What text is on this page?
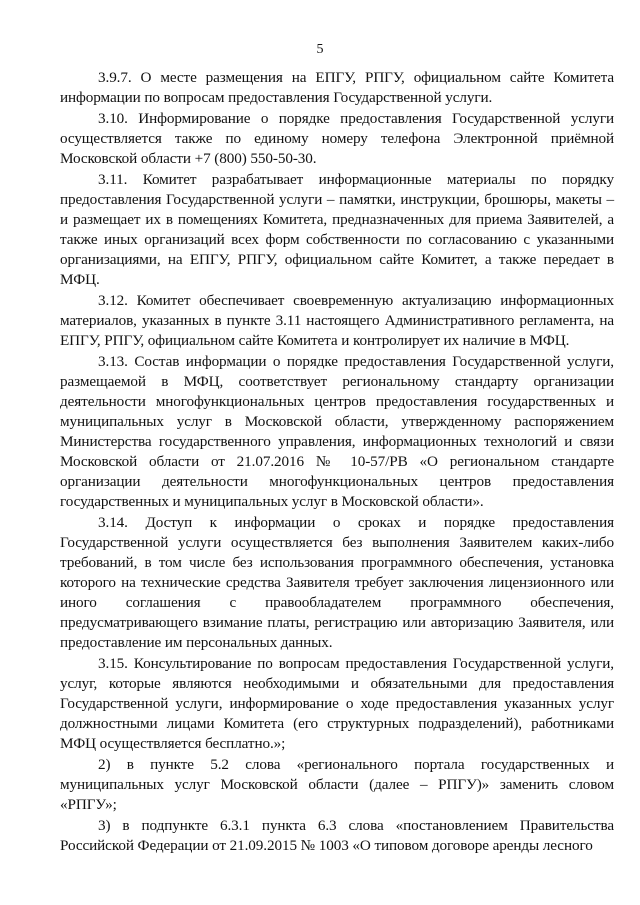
5

3.9.7. О месте размещения на ЕПГУ, РПГУ, официальном сайте Комитета информации по вопросам предоставления Государственной услуги.

3.10. Информирование о порядке предоставления Государственной услуги осуществляется также по единому номеру телефона Электронной приёмной Московской области +7 (800) 550-50-30.

3.11. Комитет разрабатывает информационные материалы по порядку предоставления Государственной услуги – памятки, инструкции, брошюры, макеты – и размещает их в помещениях Комитета, предназначенных для приема Заявителей, а также иных организаций всех форм собственности по согласованию с указанными организациями, на ЕПГУ, РПГУ, официальном сайте Комитет, а также передает в МФЦ.

3.12. Комитет обеспечивает своевременную актуализацию информационных материалов, указанных в пункте 3.11 настоящего Административного регламента, на ЕПГУ, РПГУ, официальном сайте Комитета и контролирует их наличие в МФЦ.

3.13. Состав информации о порядке предоставления Государственной услуги, размещаемой в МФЦ, соответствует региональному стандарту организации деятельности многофункциональных центров предоставления государственных и муниципальных услуг в Московской области, утвержденному распоряжением Министерства государственного управления, информационных технологий и связи Московской области от 21.07.2016 № 10-57/РВ «О региональном стандарте организации деятельности многофункциональных центров предоставления государственных и муниципальных услуг в Московской области».

3.14. Доступ к информации о сроках и порядке предоставления Государственной услуги осуществляется без выполнения Заявителем каких-либо требований, в том числе без использования программного обеспечения, установка которого на технические средства Заявителя требует заключения лицензионного или иного соглашения с правообладателем программного обеспечения, предусматривающего взимание платы, регистрацию или авторизацию Заявителя, или предоставление им персональных данных.

3.15. Консультирование по вопросам предоставления Государственной услуги, услуг, которые являются необходимыми и обязательными для предоставления Государственной услуги, информирование о ходе предоставления указанных услуг должностными лицами Комитета (его структурных подразделений), работниками МФЦ осуществляется бесплатно.»;

2) в пункте 5.2 слова «регионального портала государственных и муниципальных услуг Московской области (далее – РПГУ)» заменить словом «РПГУ»;

3) в подпункте 6.3.1 пункта 6.3 слова «постановлением Правительства Российской Федерации от 21.09.2015 № 1003 «О типовом договоре аренды лесного
